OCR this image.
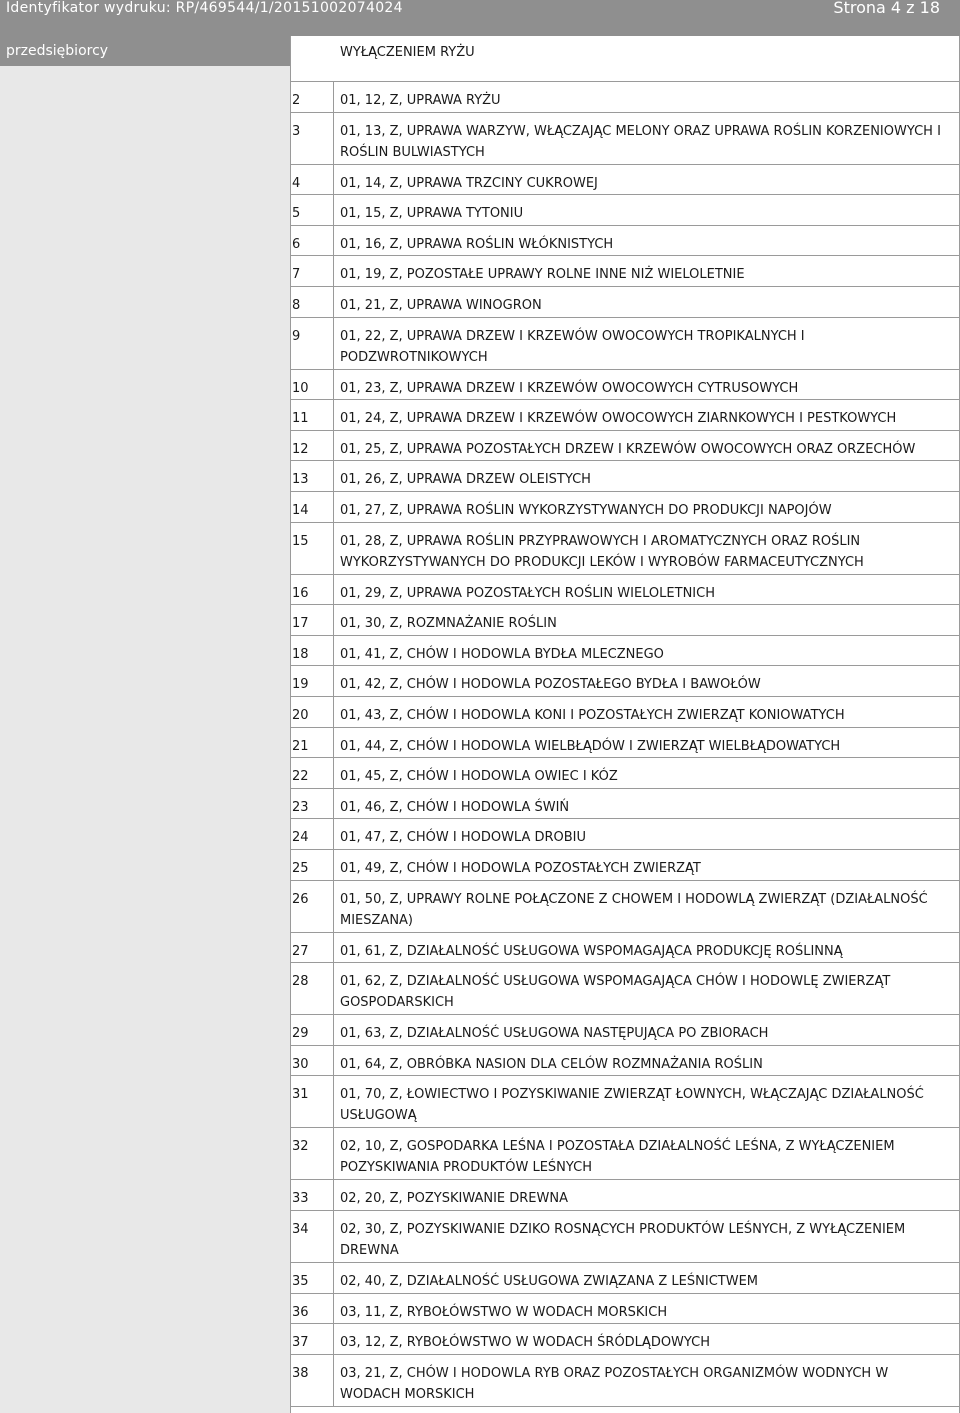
Identyfikator wydruku: RP/469544/1/20151002074024	Strona 4 z 18
przedsiębiorcy	WYŁĄCZENIEM RYŻU
2	01, 12, Z, UPRAWA RYŻU
3	01, 13, Z, UPRAWA WARZYW, WŁĄCZAJĄC MELONY ORAZ UPRAWA ROŚLIN KORZENIOWYCH I ROŚLIN BULWIASTYCH
4	01, 14, Z, UPRAWA TRZCINY CUKROWEJ
5	01, 15, Z, UPRAWA TYTONIU
6	01, 16, Z, UPRAWA ROŚLIN WŁÓKNISTYCH
7	01, 19, Z, POZOSTAŁE UPRAWY ROLNE INNE NIŻ WIELOLETNIE
8	01, 21, Z, UPRAWA WINOGRON
9	01, 22, Z, UPRAWA DRZEW I KRZEWÓW OWOCOWYCH TROPIKALNYCH I PODZWROTNIKOWYCH
10	01, 23, Z, UPRAWA DRZEW I KRZEWÓW OWOCOWYCH CYTRUSOWYCH
11	01, 24, Z, UPRAWA DRZEW I KRZEWÓW OWOCOWYCH ZIARNKOWYCH I PESTKOWYCH
12	01, 25, Z, UPRAWA POZOSTAŁYCH DRZEW I KRZEWÓW OWOCOWYCH ORAZ ORZECHÓW
13	01, 26, Z, UPRAWA DRZEW OLEISTYCH
14	01, 27, Z, UPRAWA ROŚLIN WYKORZYSTYWANYCH DO PRODUKCJI NAPOJÓW
15	01, 28, Z, UPRAWA ROŚLIN PRZYPRAWOWYCH I AROMATYCZNYCH ORAZ ROŚLIN WYKORZYSTYWANYCH DO PRODUKCJI LEKÓW I WYROBÓW FARMACEUTYCZNYCH
16	01, 29, Z, UPRAWA POZOSTAŁYCH ROŚLIN WIELOLETNICH
17	01, 30, Z, ROZMNAŻANIE ROŚLIN
18	01, 41, Z, CHÓW I HODOWLA BYDŁA MLECZNEGO
19	01, 42, Z, CHÓW I HODOWLA POZOSTAŁEGO BYDŁA I BAWOŁÓW
20	01, 43, Z, CHÓW I HODOWLA KONI I POZOSTAŁYCH ZWIERZĄT KONIOWATYCH
21	01, 44, Z, CHÓW I HODOWLA WIELBŁĄDÓW I ZWIERZĄT WIELBŁĄDOWATYCH
22	01, 45, Z, CHÓW I HODOWLA OWIEC I KÓZ
23	01, 46, Z, CHÓW I HODOWLA ŚWIŃ
24	01, 47, Z, CHÓW I HODOWLA DROBIU
25	01, 49, Z, CHÓW I HODOWLA POZOSTAŁYCH ZWIERZĄT
26	01, 50, Z, UPRAWY ROLNE POŁĄCZONE Z CHOWEM I HODOWLĄ ZWIERZĄT (DZIAŁALNOŚĆ MIESZANA)
27	01, 61, Z, DZIAŁALNOŚĆ USŁUGOWA WSPOMAGAJĄCA PRODUKCJĘ ROŚLINNĄ
28	01, 62, Z, DZIAŁALNOŚĆ USŁUGOWA WSPOMAGAJĄCA CHÓW I HODOWLĘ ZWIERZĄT GOSPODARSKICH
29	01, 63, Z, DZIAŁALNOŚĆ USŁUGOWA NASTĘPUJĄCA PO ZBIORACH
30	01, 64, Z, OBRÓBKA NASION DLA CELÓW ROZMNAŻANIA ROŚLIN
31	01, 70, Z, ŁOWIECTWO I POZYSKIWANIE ZWIERZĄT ŁOWNYCH, WŁĄCZAJĄC DZIAŁALNOŚĆ USŁUGOWĄ
32	02, 10, Z, GOSPODARKA LEŚNA I POZOSTAŁA DZIAŁALNOŚĆ LEŚNA, Z WYŁĄCZENIEM POZYSKIWANIA PRODUKTÓW LEŚNYCH
33	02, 20, Z, POZYSKIWANIE DREWNA
34	02, 30, Z, POZYSKIWANIE DZIKO ROSNĄCYCH PRODUKTÓW LEŚNYCH, Z WYŁĄCZENIEM DREWNA
35	02, 40, Z, DZIAŁALNOŚĆ USŁUGOWA ZWIĄZANA Z LEŚNICTWEM
36	03, 11, Z, RYBOŁÓWSTWO W WODACH MORSKICH
37	03, 12, Z, RYBOŁÓWSTWO W WODACH ŚRÓDLĄDOWYCH
38	03, 21, Z, CHÓW I HODOWLA RYB ORAZ POZOSTAŁYCH ORGANIZMÓW WODNYCH W WODACH MORSKICH
